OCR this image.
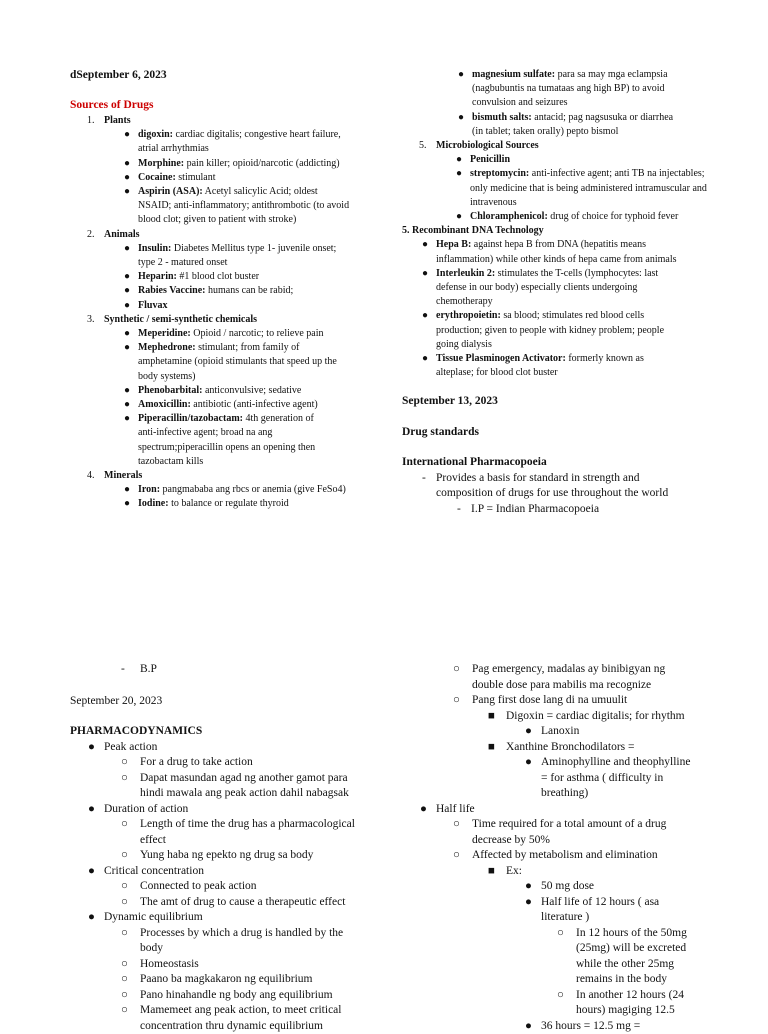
dSeptember 6, 2023
Sources of Drugs
1. Plants
● digoxin: cardiac digitalis; congestive heart failure,
atrial arrhythmias
● Morphine: pain killer; opioid/narcotic (addicting)
● Cocaine: stimulant
● Aspirin (ASA): Acetyl salicylic Acid; oldest
NSAID; anti-inflammatory; antithrombotic (to avoid
blood clot; given to patient with stroke)
2. Animals
● Insulin: Diabetes Mellitus type 1- juvenile onset;
type 2 - matured onset
● Heparin: #1 blood clot buster
● Rabies Vaccine: humans can be rabid;
● Fluvax
3. Synthetic / semi-synthetic chemicals
● Meperidine: Opioid / narcotic; to relieve pain
● Mephedrone: stimulant; from family of
amphetamine (opioid stimulants that speed up the
body systems)
● Phenobarbital: anticonvulsive; sedative
● Amoxicillin: antibiotic (anti-infective agent)
● Piperacillin/tazobactam: 4th generation of
anti-infective agent; broad na ang
spectrum;piperacillin opens an opening then
tazobactam kills
4. Minerals
● Iron: pangmababa ang rbcs or anemia (give FeSo4)
● Iodine: to balance or regulate thyroid
● magnesium sulfate: para sa may mga eclampsia
(nagbubuntis na tumataas ang high BP) to avoid
convulsion and seizures
● bismuth salts: antacid; pag nagsusuka or diarrhea
(in tablet; taken orally) pepto bismol
5. Microbiological Sources
● Penicillin
● streptomycin: anti-infective agent; anti TB na injectables;
only medicine that is being administered intramuscular and
intravenous
● Chloramphenicol: drug of choice for typhoid fever
5. Recombinant DNA Technology
● Hepa B: against hepa B from DNA (hepatitis means
inflammation) while other kinds of hepa came from animals
● Interleukin 2: stimulates the T-cells (lymphocytes: last
defense in our body) especially clients undergoing
chemotherapy
● erythropoietin: sa blood; stimulates red blood cells
production; given to people with kidney problem; people
going dialysis
● Tissue Plasminogen Activator: formerly known as
alteplase; for blood clot buster
September 13, 2023
Drug standards
International Pharmacopoeia
- Provides a basis for standard in strength and
composition of drugs for use throughout the world
- I.P = Indian Pharmacopoeia
- B.P
September 20, 2023
PHARMACODYNAMICS
● Peak action
○ For a drug to take action
○ Dapat masundan agad ng another gamot para
hindi mawala ang peak action dahil nabagsak
● Duration of action
○ Length of time the drug has a pharmacological
effect
○ Yung haba ng epekto ng drug sa body
● Critical concentration
○ Connected to peak action
○ The amt of drug to cause a therapeutic effect
● Dynamic equilibrium
○ Processes by which a drug is handled by the
body
○ Homeostasis
○ Paano ba magkakaron ng equilibrium
○ Pano hinahandle ng body ang equilibrium
○ Mamemeet ang peak action, to meet critical
concentration thru dynamic equilibrium
○ Pag emergency, madalas ay binibigyan ng
double dose para mabilis ma recognize
○ Pang first dose lang di na umuulit
■ Digoxin = cardiac digitalis; for rhythm
● Lanoxin
■ Xanthine Bronchodilators =
● Aminophylline and theophylline
= for asthma ( difficulty in
breathing)
● Half life
○ Time required for a total amount of a drug
decrease by 50%
○ Affected by metabolism and elimination
■ Ex:
● 50 mg dose
● Half life of 12 hours ( asa
literature )
○ In 12 hours of the 50mg
(25mg) will be excreted
while the other 25mg
remains in the body
○ In another 12 hours (24
hours) magiging 12.5
● 36 hours = 12.5 mg =
